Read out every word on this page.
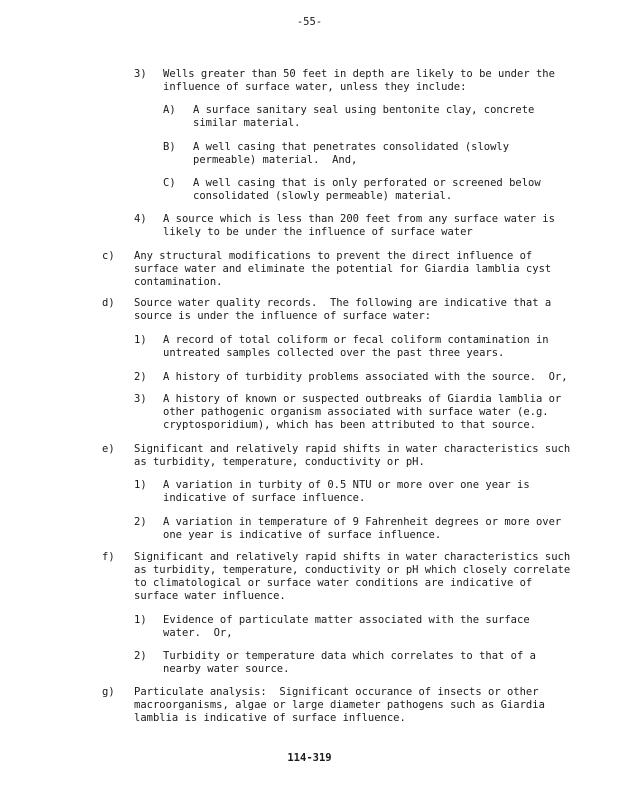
-55-
3) Wells greater than 50 feet in depth are likely to be under the
influence of surface water, unless they include:
A) A surface sanitary seal using bentonite clay, concrete
similar material.
B) A well casing that penetrates consolidated (slowly
permeable) material.  And,
C) A well casing that is only perforated or screened below
consolidated (slowly permeable) material.
4) A source which is less than 200 feet from any surface water is
likely to be under the influence of surface water
c) Any structural modifications to prevent the direct influence of
surface water and eliminate the potential for Giardia lamblia cyst
contamination.
d) Source water quality records.  The following are indicative that a
source is under the influence of surface water:
1) A record of total coliform or fecal coliform contamination in
untreated samples collected over the past three years.
2) A history of turbidity problems associated with the source.  Or,
3) A history of known or suspected outbreaks of Giardia lamblia or
other pathogenic organism associated with surface water (e.g.
cryptosporidium), which has been attributed to that source.
e) Significant and relatively rapid shifts in water characteristics such
as turbidity, temperature, conductivity or pH.
1) A variation in turbity of 0.5 NTU or more over one year is
indicative of surface influence.
2) A variation in temperature of 9 Fahrenheit degrees or more over
one year is indicative of surface influence.
f) Significant and relatively rapid shifts in water characteristics such
as turbidity, temperature, conductivity or pH which closely correlate
to climatological or surface water conditions are indicative of
surface water influence.
1) Evidence of particulate matter associated with the surface
water.  Or,
2) Turbidity or temperature data which correlates to that of a
nearby water source.
g) Particulate analysis:  Significant occurance of insects or other
macroorganisms, algae or large diameter pathogens such as Giardia
lamblia is indicative of surface influence.
114-319
